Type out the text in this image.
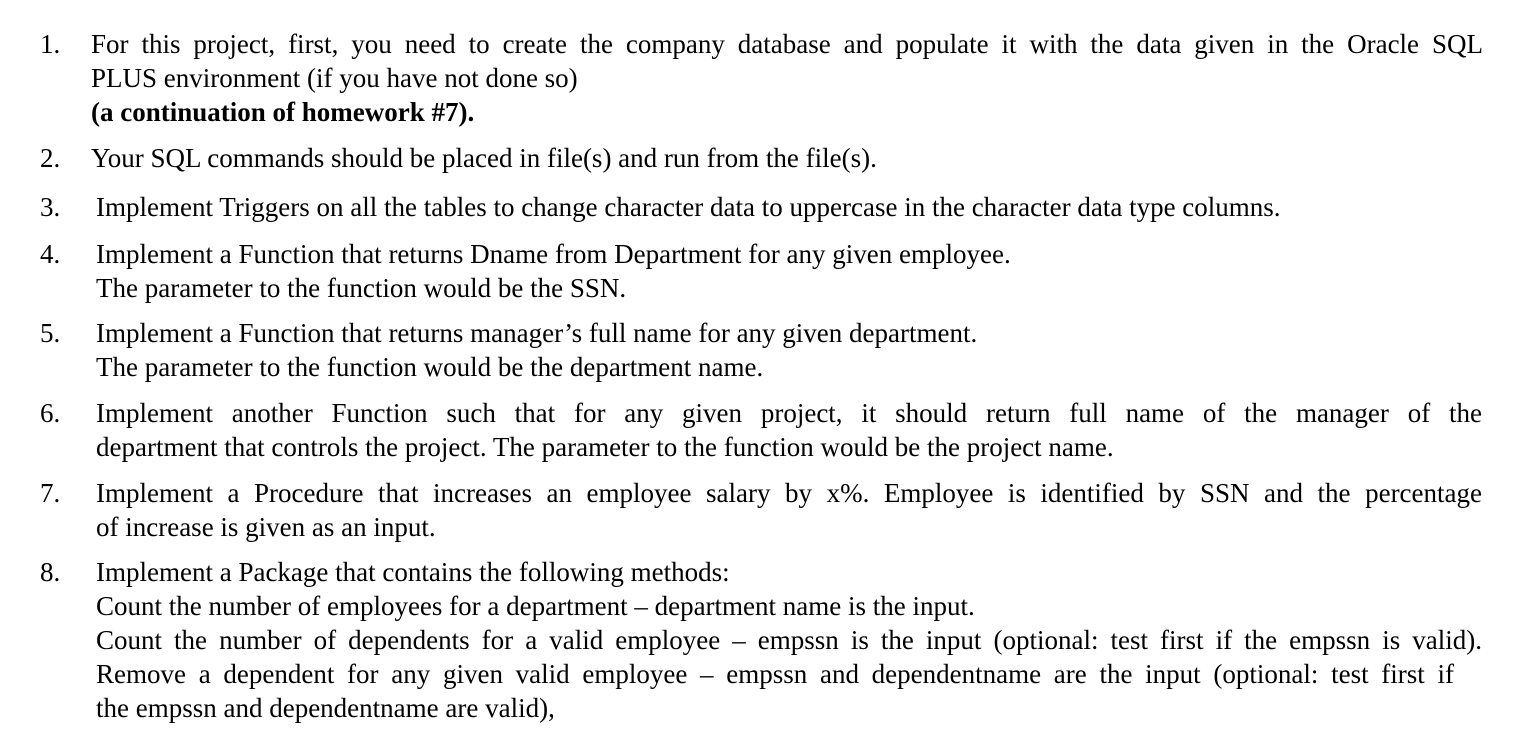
1. For this project, first, you need to create the company database and populate it with the data given in the Oracle SQL
PLUS environment (if you have not done so)
(a continuation of homework #7).
2. Your SQL commands should be placed in file(s) and run from the file(s).
3. Implement Triggers on all the tables to change character data to uppercase in the character data type columns.
4. Implement a Function that returns Dname from Department for any given employee.
The parameter to the function would be the SSN.
5. Implement a Function that returns manager’s full name for any given department.
The parameter to the function would be the department name.
6. Implement another Function such that for any given project, it should return full name of the manager of the
department that controls the project. The parameter to the function would be the project name.
7. Implement a Procedure that increases an employee salary by x%. Employee is identified by SSN and the percentage
of increase is given as an input.
8. Implement a Package that contains the following methods:
Count the number of employees for a department – department name is the input.
Count the number of dependents for a valid employee – empssn is the input (optional: test first if the empssn is valid).
Remove a dependent for any given valid employee – empssn and dependentname are the input (optional: test first if
the empssn and dependentname are valid),
